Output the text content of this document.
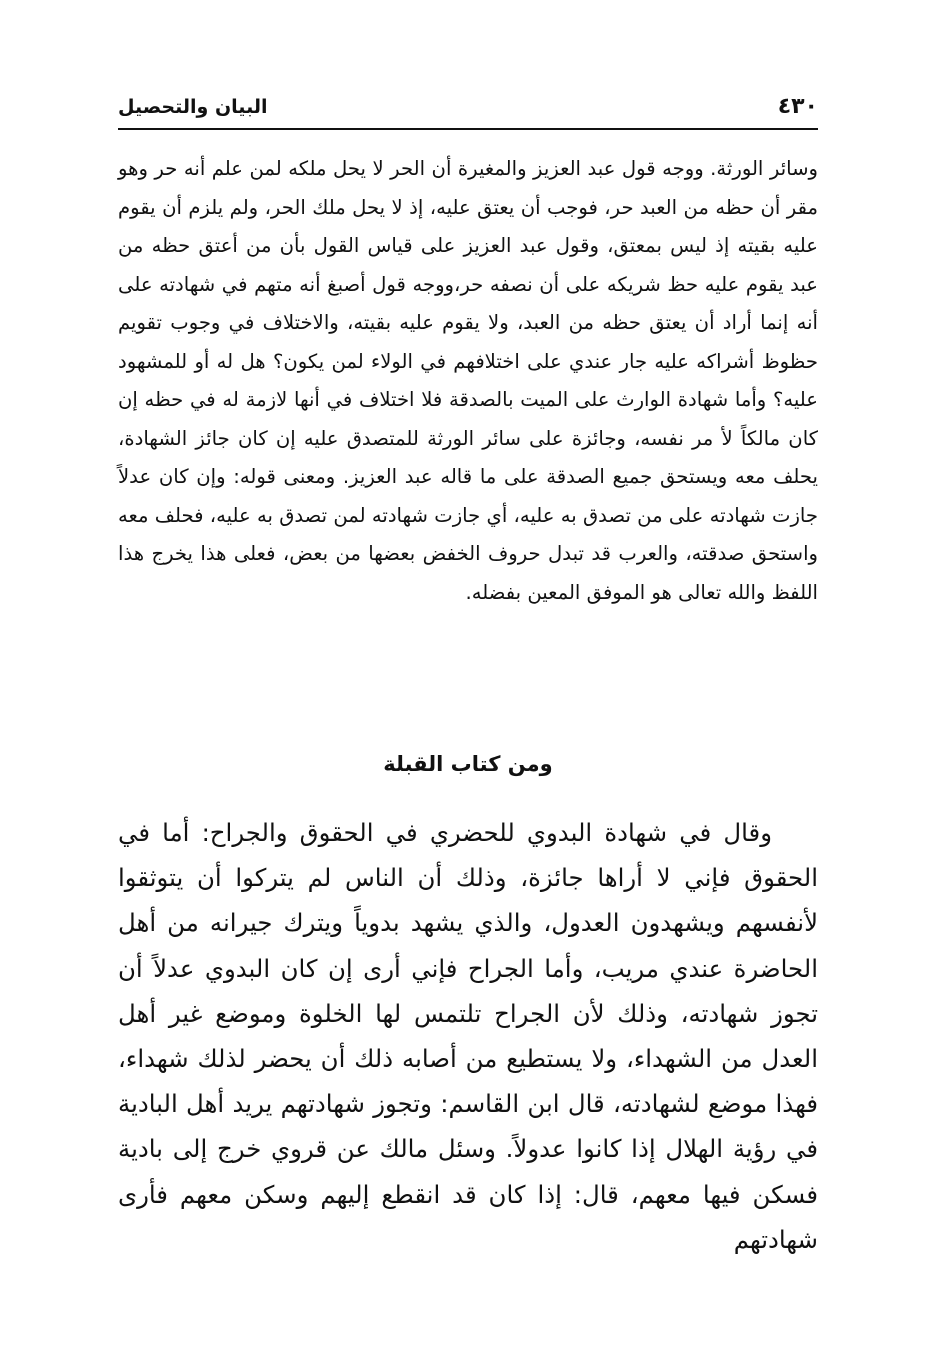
٤٣٠
البيان والتحصيل

وسائر الورثة. ووجه قول عبد العزيز والمغيرة أن الحر لا يحل ملكه لمن علم أنه حر وهو مقر أن حظه من العبد حر، فوجب أن يعتق عليه، إذ لا يحل ملك الحر، ولم يلزم أن يقوم عليه بقيته إذ ليس بمعتق، وقول عبد العزيز على قياس القول بأن من أعتق حظه من عبد يقوم عليه حظ شريكه على أن نصفه حر،ووجه قول أصبغ أنه متهم في شهادته على أنه إنما أراد أن يعتق حظه من العبد، ولا يقوم عليه بقيته، والاختلاف في وجوب تقويم حظوظ أشراكه عليه جار عندي على اختلافهم في الولاء لمن يكون؟ هل له أو للمشهود عليه؟ وأما شهادة الوارث على الميت بالصدقة فلا اختلاف في أنها لازمة له في حظه إن كان مالكاً لأ مر نفسه، وجائزة على سائر الورثة للمتصدق عليه إن كان جائز الشهادة، يحلف معه ويستحق جميع الصدقة على ما قاله عبد العزيز. ومعنى قوله: وإن كان عدلاً جازت شهادته على من تصدق به عليه، أي جازت شهادته لمن تصدق به عليه، فحلف معه واستحق صدقته، والعرب قد تبدل حروف الخفض بعضها من بعض، فعلى هذا يخرج هذا اللفظ والله تعالى هو الموفق المعين بفضله.

ومن كتاب القبلة

وقال في شهادة البدوي للحضري في الحقوق والجراح: أما في الحقوق فإني لا أراها جائزة، وذلك أن الناس لم يتركوا أن يتوثقوا لأنفسهم ويشهدون العدول، والذي يشهد بدوياً ويترك جيرانه من أهل الحاضرة عندي مريب، وأما الجراح فإني أرى إن كان البدوي عدلاً أن تجوز شهادته، وذلك لأن الجراح تلتمس لها الخلوة وموضع غير أهل العدل من الشهداء، ولا يستطيع من أصابه ذلك أن يحضر لذلك شهداء، فهذا موضع لشهادته، قال ابن القاسم: وتجوز شهادتهم يريد أهل البادية في رؤية الهلال إذا كانوا عدولاً. وسئل مالك عن قروي خرج إلى بادية فسكن فيها معهم، قال: إذا كان قد انقطع إليهم وسكن معهم فأرى شهادتهم
